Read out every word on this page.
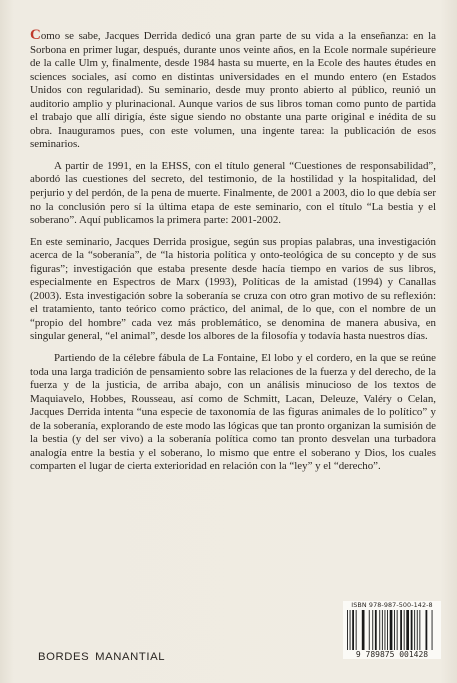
Como se sabe, Jacques Derrida dedicó una gran parte de su vida a la enseñanza: en la Sorbona en primer lugar, después, durante unos veinte años, en la Ecole normale supérieure de la calle Ulm y, finalmente, desde 1984 hasta su muerte, en la Ecole des hautes études en sciences sociales, así como en distintas universidades en el mundo entero (en Estados Unidos con regularidad). Su seminario, desde muy pronto abierto al público, reunió un auditorio amplio y plurinacional. Aunque varios de sus libros toman como punto de partida el trabajo que allí dirigía, éste sigue siendo no obstante una parte original e inédita de su obra. Inauguramos pues, con este volumen, una ingente tarea: la publicación de esos seminarios.

A partir de 1991, en la EHSS, con el título general “Cuestiones de responsabilidad”, abordó las cuestiones del secreto, del testimonio, de la hostilidad y la hospitalidad, del perjurio y del perdón, de la pena de muerte. Finalmente, de 2001 a 2003, dio lo que debía ser no la conclusión pero sí la última etapa de este seminario, con el título “La bestia y el soberano”. Aquí publicamos la primera parte: 2001-2002.

En este seminario, Jacques Derrida prosigue, según sus propias palabras, una investigación acerca de la “soberanía”, de “la historia política y onto-teológica de su concepto y de sus figuras”; investigación que estaba presente desde hacía tiempo en varios de sus libros, especialmente en Espectros de Marx (1993), Políticas de la amistad (1994) y Canallas (2003). Esta investigación sobre la soberanía se cruza con otro gran motivo de su reflexión: el tratamiento, tanto teórico como práctico, del animal, de lo que, con el nombre de un “propio del hombre” cada vez más problemático, se denomina de manera abusiva, en singular general, “el animal”, desde los albores de la filosofía y todavía hasta nuestros días.

Partiendo de la célebre fábula de La Fontaine, El lobo y el cordero, en la que se reúne toda una larga tradición de pensamiento sobre las relaciones de la fuerza y del derecho, de la fuerza y de la justicia, de arriba abajo, con un análisis minucioso de los textos de Maquiavelo, Hobbes, Rousseau, así como de Schmitt, Lacan, Deleuze, Valéry o Celan, Jacques Derrida intenta “una especie de taxonomía de las figuras animales de lo político” y de la soberanía, explorando de este modo las lógicas que tan pronto organizan la sumisión de la bestia (y del ser vivo) a la soberanía política como tan pronto desvelan una turbadora analogía entre la bestia y el soberano, lo mismo que entre el soberano y Dios, los cuales comparten el lugar de cierta exterioridad en relación con la “ley” y el “derecho”.

ISBN 978-987-500-142-8
9 789875 001428
BORDES MANANTIAL
